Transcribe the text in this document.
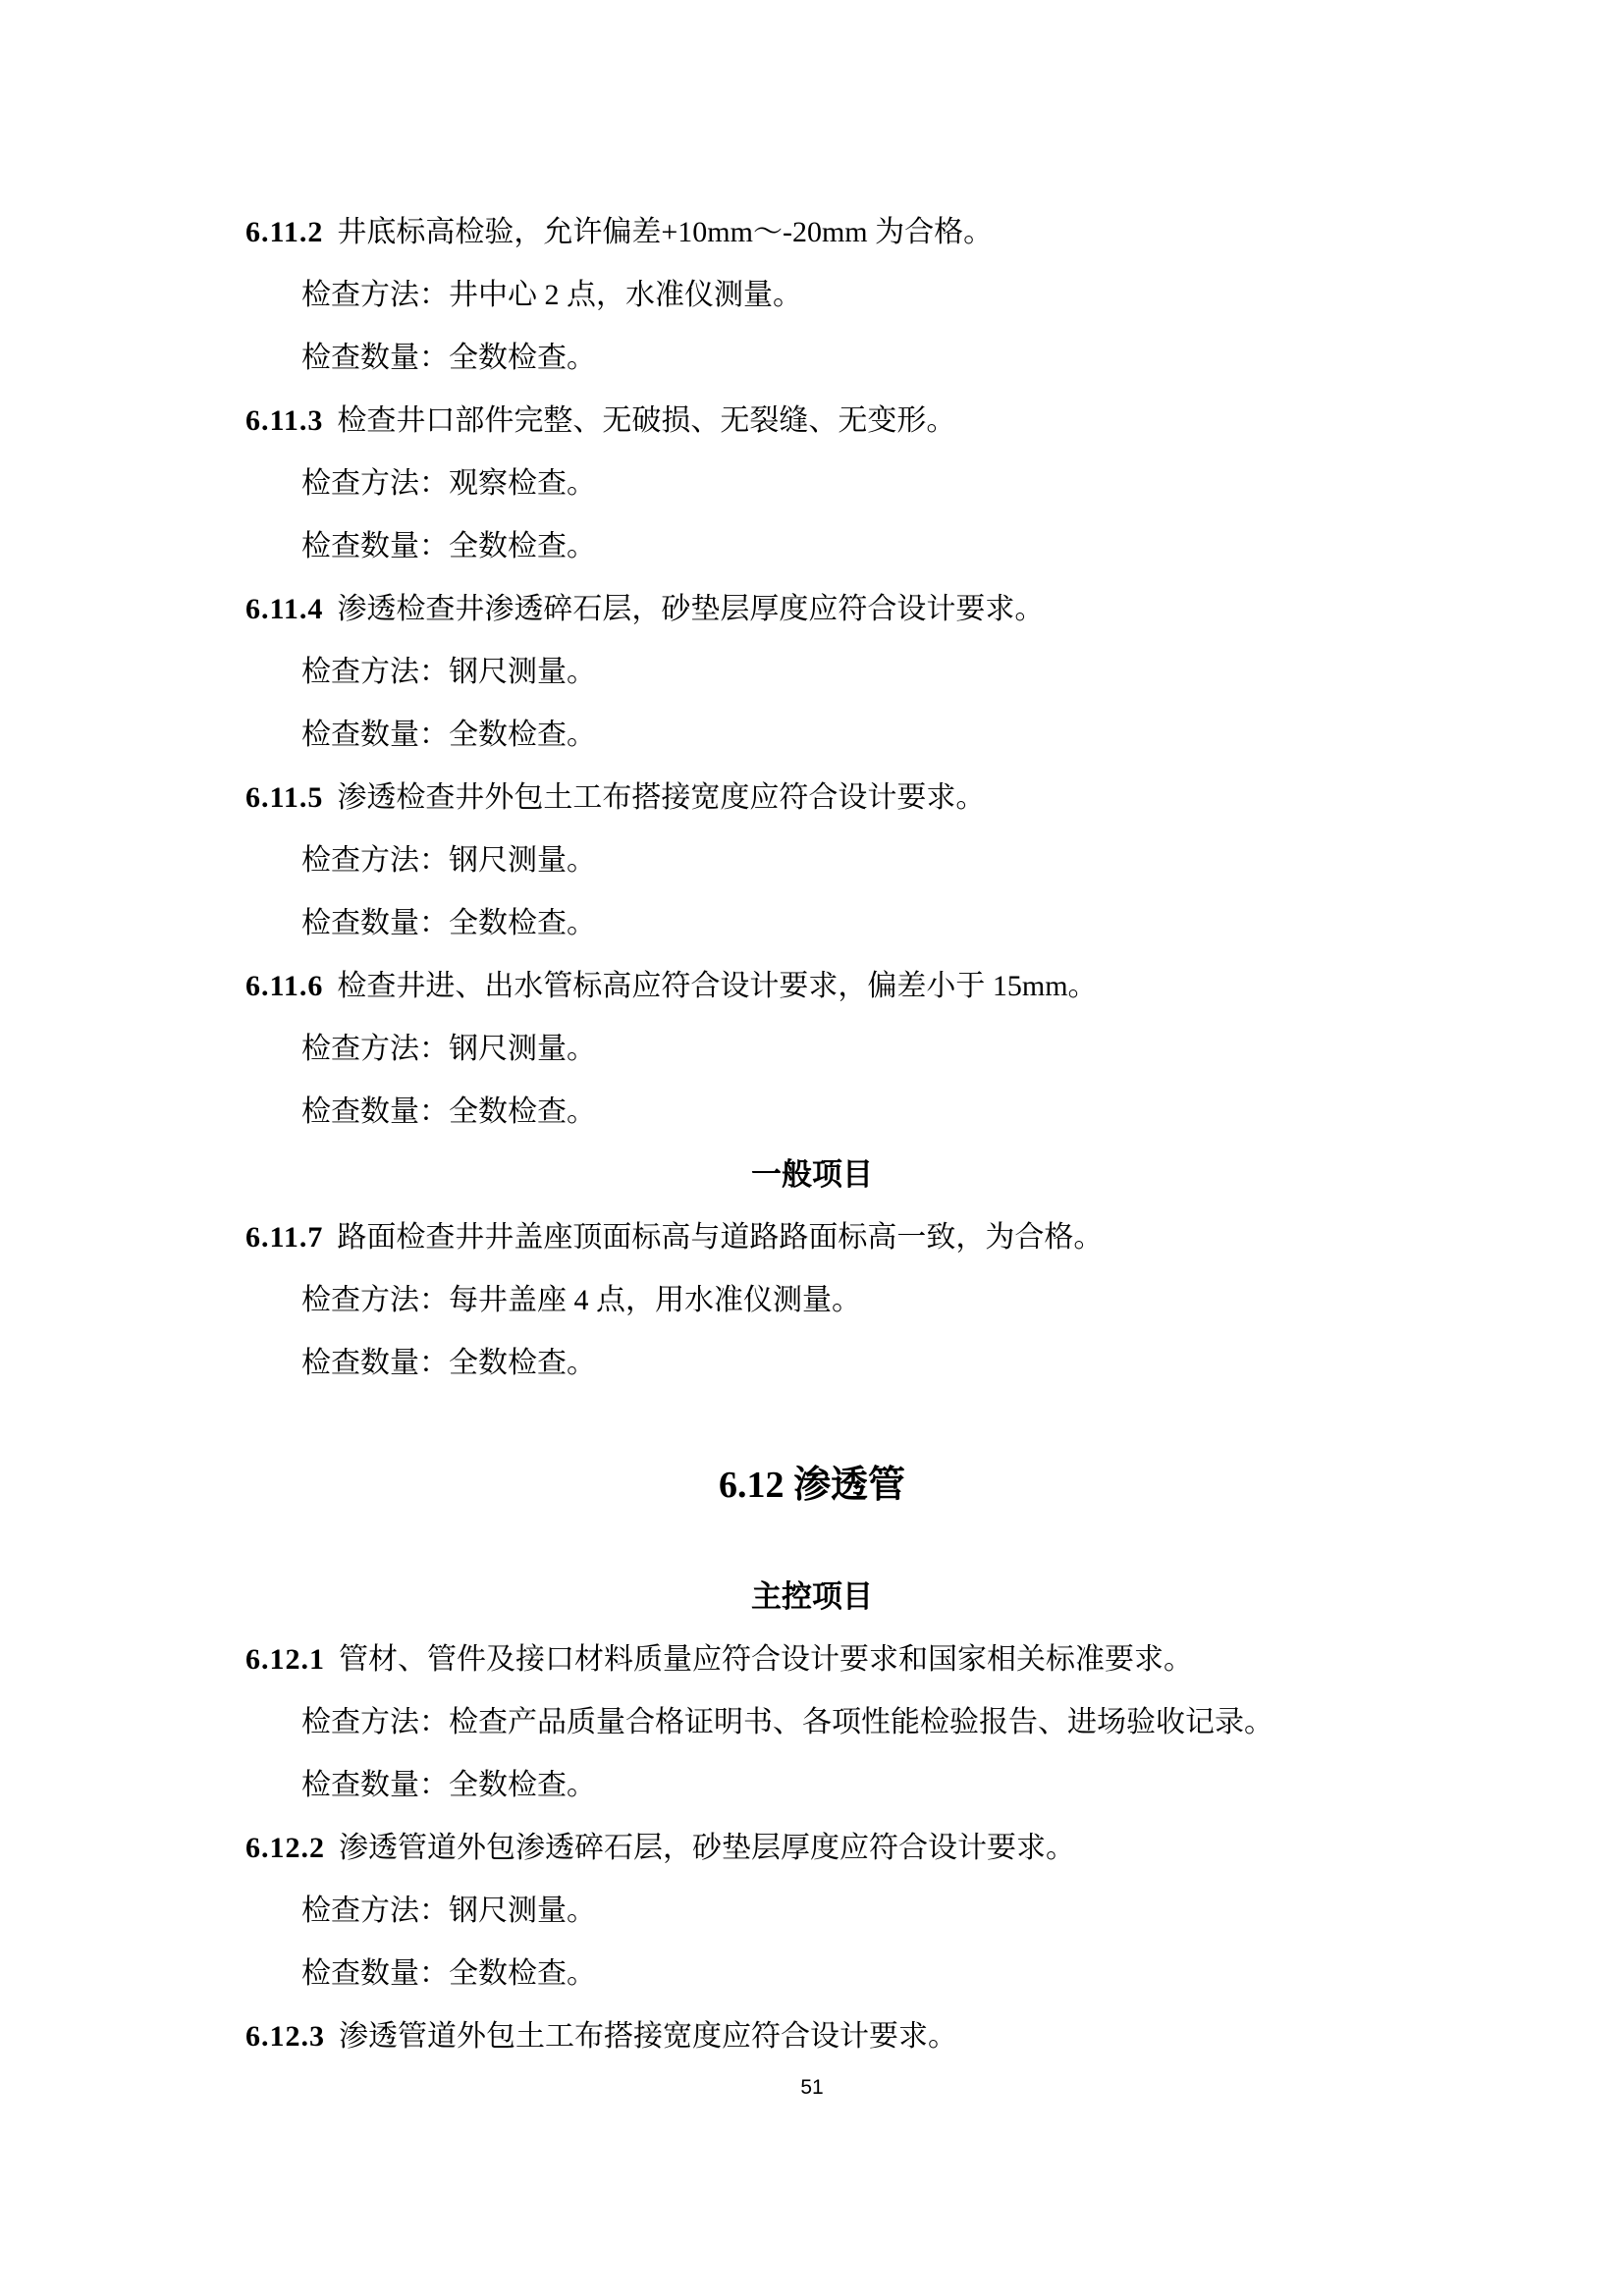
6.11.2 井底标高检验，允许偏差+10mm～-20mm 为合格。

检查方法：井中心 2 点，水准仪测量。

检查数量：全数检查。

6.11.3 检查井口部件完整、无破损、无裂缝、无变形。

检查方法：观察检查。

检查数量：全数检查。

6.11.4 渗透检查井渗透碎石层，砂垫层厚度应符合设计要求。

检查方法：钢尺测量。

检查数量：全数检查。

6.11.5 渗透检查井外包土工布搭接宽度应符合设计要求。

检查方法：钢尺测量。

检查数量：全数检查。

6.11.6 检查井进、出水管标高应符合设计要求，偏差小于 15mm。

检查方法：钢尺测量。

检查数量：全数检查。

一般项目

6.11.7 路面检查井井盖座顶面标高与道路路面标高一致，为合格。

检查方法：每井盖座 4 点，用水准仪测量。

检查数量：全数检查。

6.12 渗透管

主控项目

6.12.1 管材、管件及接口材料质量应符合设计要求和国家相关标准要求。

检查方法：检查产品质量合格证明书、各项性能检验报告、进场验收记录。

检查数量：全数检查。

6.12.2 渗透管道外包渗透碎石层，砂垫层厚度应符合设计要求。

检查方法：钢尺测量。

检查数量：全数检查。

6.12.3 渗透管道外包土工布搭接宽度应符合设计要求。

51
